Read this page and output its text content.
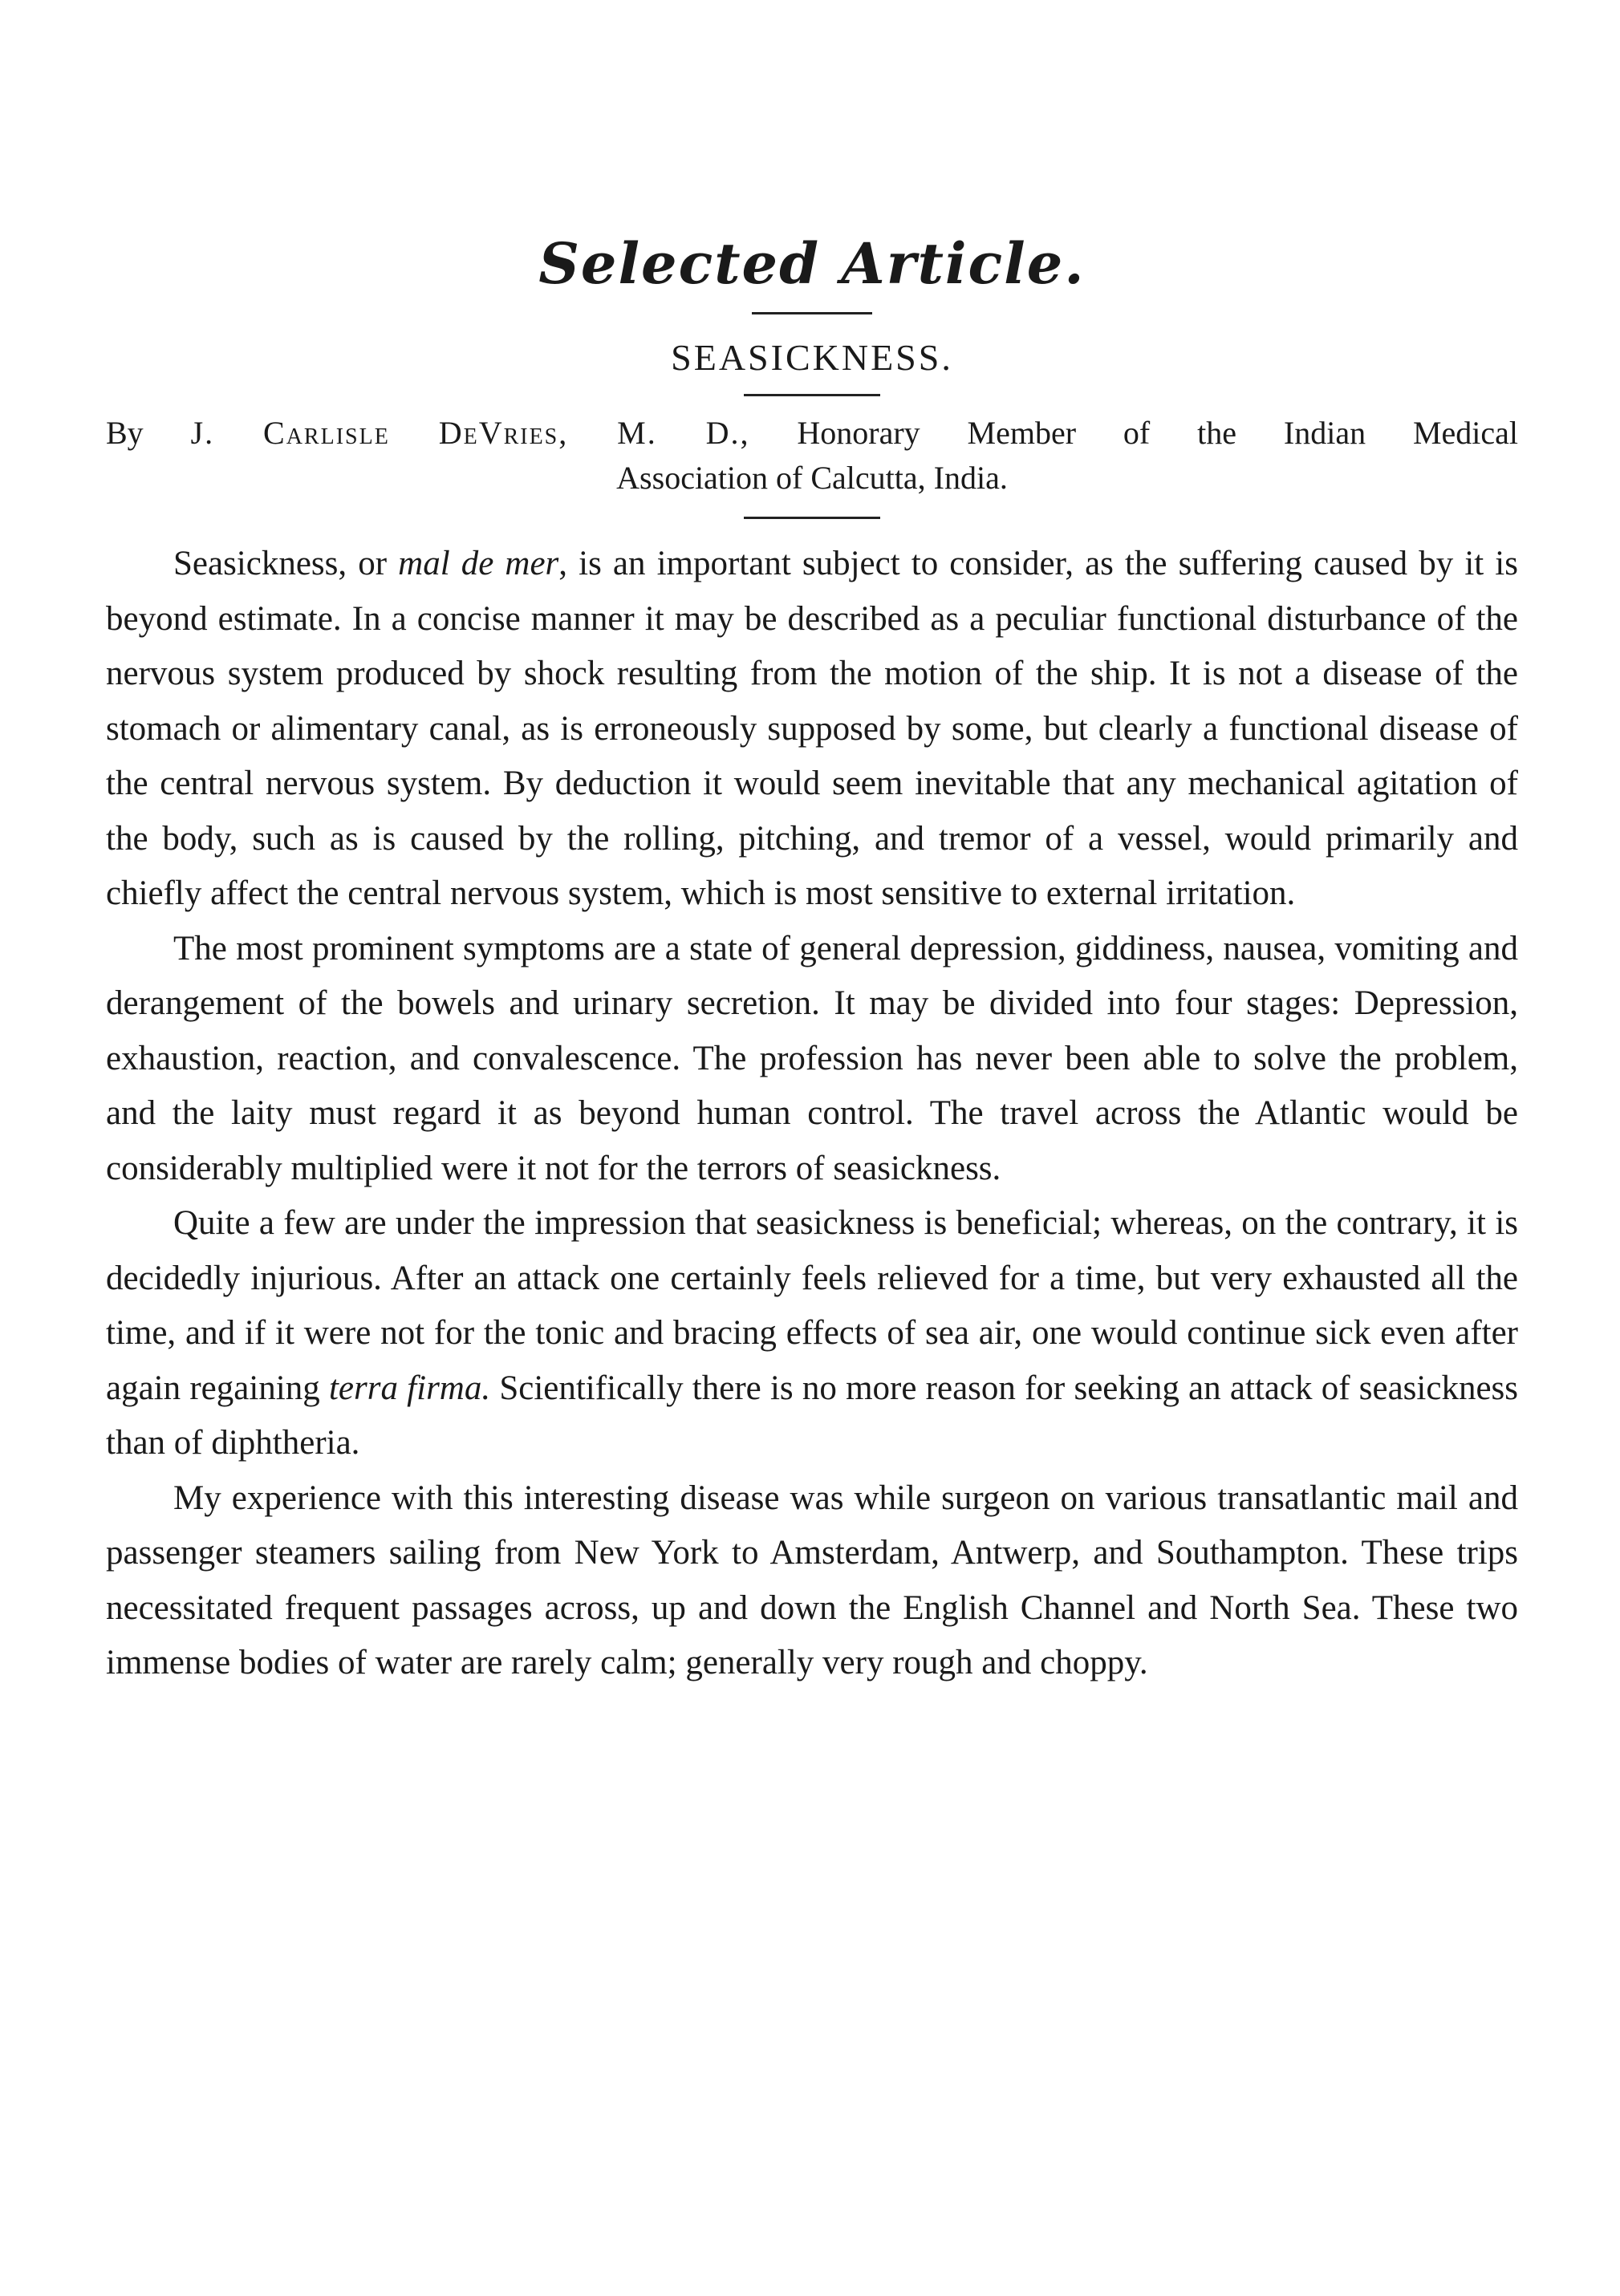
Selected Article.
SEASICKNESS.

By J. Carlisle DeVries, M. D., Honorary Member of the Indian Medical

Association of Calcutta, India.

Seasickness, or mal de mer, is an important subject to consider, as the suffering caused by it is beyond estimate. In a concise manner it may be described as a peculiar functional disturbance of the nervous system produced by shock resulting from the motion of the ship. It is not a disease of the stomach or alimentary canal, as is erroneously supposed by some, but clearly a functional disease of the central nervous system. By deduction it would seem inevitable that any mechanical agitation of the body, such as is caused by the rolling, pitching, and tremor of a vessel, would primarily and chiefly affect the central nervous system, which is most sensitive to external irritation.

The most prominent symptoms are a state of general depression, giddiness, nausea, vomiting and derangement of the bowels and urinary secretion. It may be divided into four stages: Depression, exhaustion, reaction, and convalescence. The profession has never been able to solve the problem, and the laity must regard it as beyond human control. The travel across the Atlantic would be considerably multiplied were it not for the terrors of seasickness.

Quite a few are under the impression that seasickness is beneficial; whereas, on the contrary, it is decidedly injurious. After an attack one certainly feels relieved for a time, but very exhausted all the time, and if it were not for the tonic and bracing effects of sea air, one would continue sick even after again regaining terra firma. Scientifically there is no more reason for seeking an attack of seasickness than of diphtheria.

My experience with this interesting disease was while surgeon on various transatlantic mail and passenger steamers sailing from New York to Amsterdam, Antwerp, and Southampton. These trips necessitated frequent passages across, up and down the English Channel and North Sea. These two immense bodies of water are rarely calm; generally very rough and choppy.
